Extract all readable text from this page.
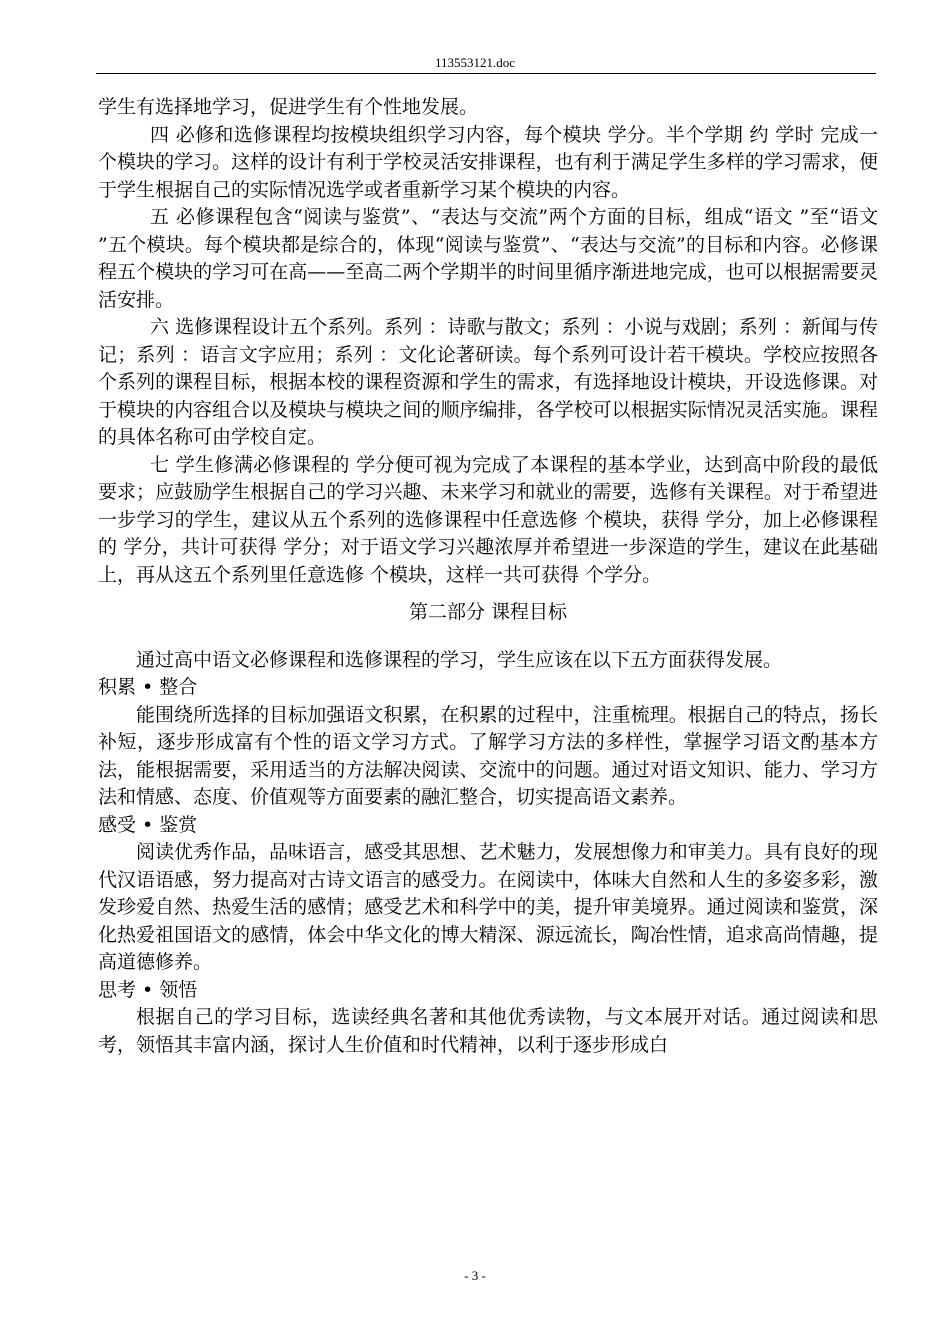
113553121.doc

学生有选择地学习，促进学生有个性地发展。

四 必修和选修课程均按模块组织学习内容，每个模块 学分。半个学期 约 学时 完成一个模块的学习。这样的设计有利于学校灵活安排课程，也有利于满足学生多样的学习需求，便于学生根据自己的实际情况选学或者重新学习某个模块的内容。

五 必修课程包含“阅读与鉴赏”、“表达与交流”两个方面的目标，组成“语文 ”至“语文 ”五个模块。每个模块都是综合的，体现“阅读与鉴赏”、“表达与交流”的目标和内容。必修课程五个模块的学习可在高——至高二两个学期半的时间里循序渐进地完成，也可以根据需要灵活安排。

六 选修课程设计五个系列。系列 ：诗歌与散文；系列 ：小说与戏剧；系列 ：新闻与传记；系列 ：语言文字应用；系列 ：文化论著研读。每个系列可设计若干模块。学校应按照各个系列的课程目标，根据本校的课程资源和学生的需求，有选择地设计模块，开设选修课。对于模块的内容组合以及模块与模块之间的顺序编排，各学校可以根据实际情况灵活实施。课程的具体名称可由学校自定。

七 学生修满必修课程的 学分便可视为完成了本课程的基本学业，达到高中阶段的最低要求；应鼓励学生根据自己的学习兴趣、未来学习和就业的需要，选修有关课程。对于希望进一步学习的学生，建议从五个系列的选修课程中任意选修 个模块，获得 学分，加上必修课程的 学分，共计可获得 学分；对于语文学习兴趣浓厚并希望进一步深造的学生，建议在此基础上，再从这五个系列里任意选修 个模块，这样一共可获得 个学分。

第二部分 课程目标

通过高中语文必修课程和选修课程的学习，学生应该在以下五方面获得发展。

积累 • 整合

能围绕所选择的目标加强语文积累，在积累的过程中，注重梳理。根据自己的特点，扬长补短，逐步形成富有个性的语文学习方式。了解学习方法的多样性，掌握学习语文酌基本方法，能根据需要，采用适当的方法解决阅读、交流中的问题。通过对语文知识、能力、学习方法和情感、态度、价值观等方面要素的融汇整合，切实提高语文素养。

感受 • 鉴赏

阅读优秀作品，品味语言，感受其思想、艺术魅力，发展想像力和审美力。具有良好的现代汉语语感，努力提高对古诗文语言的感受力。在阅读中，体味大自然和人生的多姿多彩，激发珍爱自然、热爱生活的感情；感受艺术和科学中的美，提升审美境界。通过阅读和鉴赏，深化热爱祖国语文的感情，体会中华文化的博大精深、源远流长，陶冶性情，追求高尚情趣，提高道德修养。

思考 • 领悟

根据自己的学习目标，选读经典名著和其他优秀读物，与文本展开对话。通过阅读和思考，领悟其丰富内涵，探讨人生价值和时代精神，以利于逐步形成白

- 3 -
